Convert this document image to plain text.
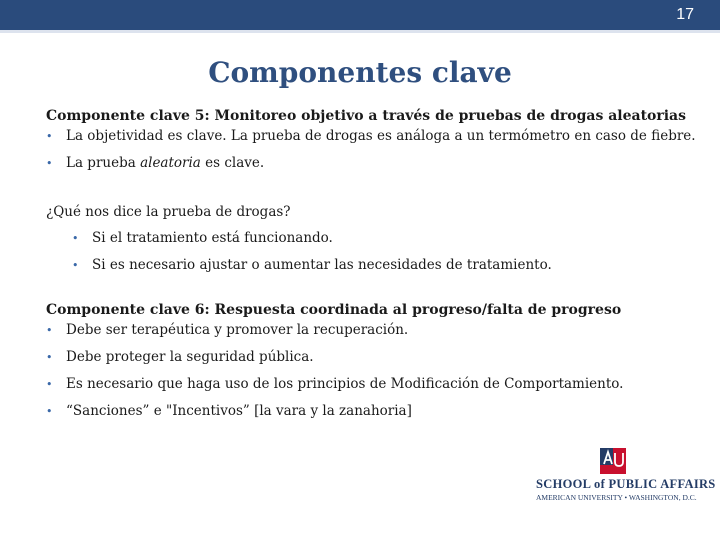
17
Componentes clave
Componente clave 5: Monitoreo objetivo a través de pruebas de drogas aleatorias
• La objetividad es clave. La prueba de drogas es análoga a un termómetro en caso de fiebre.
• La prueba aleatoria es clave.
¿Qué nos dice la prueba de drogas?
• Si el tratamiento está funcionando.
• Si es necesario ajustar o aumentar las necesidades de tratamiento.
Componente clave 6: Respuesta coordinada al progreso/falta de progreso
• Debe ser terapéutica y promover la recuperación.
• Debe proteger la seguridad pública.
• Es necesario que haga uso de los principios de Modificación de Comportamiento.
• “Sanciones” e "Incentivos” [la vara y la zanahoria]
SCHOOL of PUBLIC AFFAIRS
AMERICAN UNIVERSITY • WASHINGTON, D.C.
